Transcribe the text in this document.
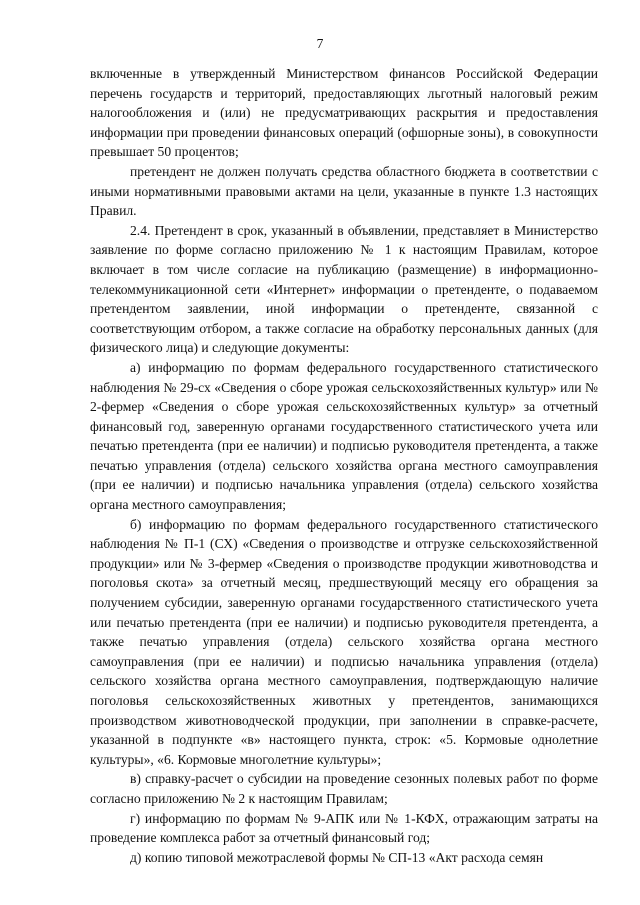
7

включенные в утвержденный Министерством финансов Российской Федерации перечень государств и территорий, предоставляющих льготный налоговый режим налогообложения и (или) не предусматривающих раскрытия и предоставления информации при проведении финансовых операций (офшорные зоны), в совокупности превышает 50 процентов;

претендент не должен получать средства областного бюджета в соответствии с иными нормативными правовыми актами на цели, указанные в пункте 1.3 настоящих Правил.

2.4. Претендент в срок, указанный в объявлении, представляет в Министерство заявление по форме согласно приложению № 1 к настоящим Правилам, которое включает в том числе согласие на публикацию (размещение) в информационно-телекоммуникационной сети «Интернет» информации о претенденте, о подаваемом претендентом заявлении, иной информации о претенденте, связанной с соответствующим отбором, а также согласие на обработку персональных данных (для физического лица) и следующие документы:

а) информацию по формам федерального государственного статистического наблюдения № 29-сх «Сведения о сборе урожая сельскохозяйственных культур» или № 2-фермер «Сведения о сборе урожая сельскохозяйственных культур» за отчетный финансовый год, заверенную органами государственного статистического учета или печатью претендента (при ее наличии) и подписью руководителя претендента, а также печатью управления (отдела) сельского хозяйства органа местного самоуправления (при ее наличии) и подписью начальника управления (отдела) сельского хозяйства органа местного самоуправления;

б) информацию по формам федерального государственного статистического наблюдения № П-1 (СХ) «Сведения о производстве и отгрузке сельскохозяйственной продукции» или № 3-фермер «Сведения о производстве продукции животноводства и поголовья скота» за отчетный месяц, предшествующий месяцу его обращения за получением субсидии, заверенную органами государственного статистического учета или печатью претендента (при ее наличии) и подписью руководителя претендента, а также печатью управления (отдела) сельского хозяйства органа местного самоуправления (при ее наличии) и подписью начальника управления (отдела) сельского хозяйства органа местного самоуправления, подтверждающую наличие поголовья сельскохозяйственных животных у претендентов, занимающихся производством животноводческой продукции, при заполнении в справке-расчете, указанной в подпункте «в» настоящего пункта, строк: «5. Кормовые однолетние культуры», «6. Кормовые многолетние культуры»;

в) справку-расчет о субсидии на проведение сезонных полевых работ по форме согласно приложению № 2 к настоящим Правилам;

г) информацию по формам № 9-АПК или № 1-КФХ, отражающим затраты на проведение комплекса работ за отчетный финансовый год;

д) копию типовой межотраслевой формы № СП-13 «Акт расхода семян
